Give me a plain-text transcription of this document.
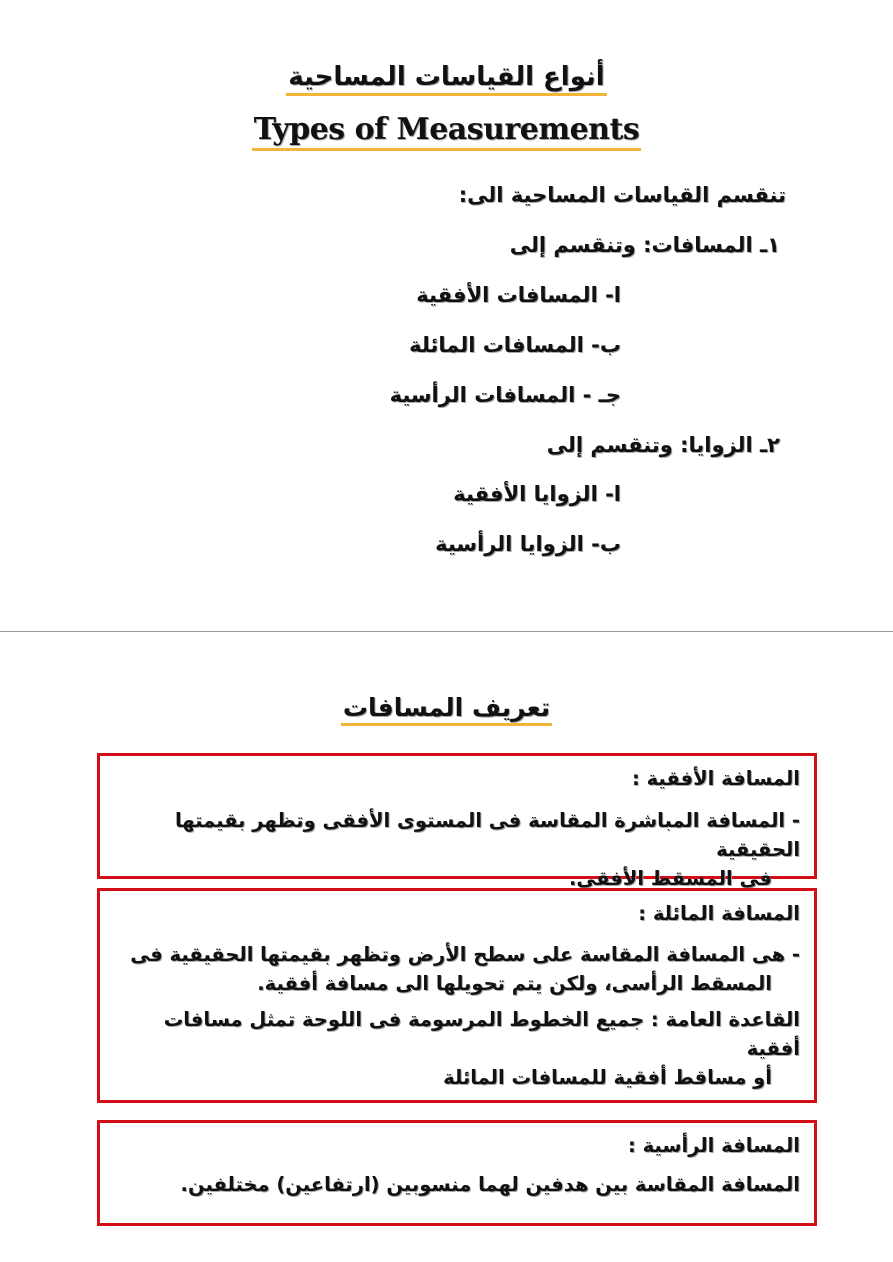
أنواع القياسات المساحية
Types of Measurements
تنقسم القياسات المساحية الى:
١ـ المسافات: وتنقسم إلى
ا- المسافات الأفقية
ب- المسافات المائلة
جـ - المسافات الرأسية
٢ـ الزوايا: وتنقسم إلى
ا- الزوايا الأفقية
ب- الزوايا الرأسية
تعريف المسافات

المسافة الأفقية :

- المسافة المباشرة المقاسة فى المستوى الأفقى وتظهر بقيمتها الحقيقية

فى المسقط الأفقى.

المسافة المائلة :

- هى المسافة المقاسة على سطح الأرض وتظهر بقيمتها الحقيقية فى

المسقط الرأسى، ولكن يتم تحويلها الى مسافة أفقية.

القاعدة العامة : جميع الخطوط المرسومة فى اللوحة تمثل مسافات أفقية

أو مساقط أفقية للمسافات المائلة

المسافة الرأسية :

المسافة المقاسة بين هدفين لهما منسوبين (ارتفاعين) مختلفين.
